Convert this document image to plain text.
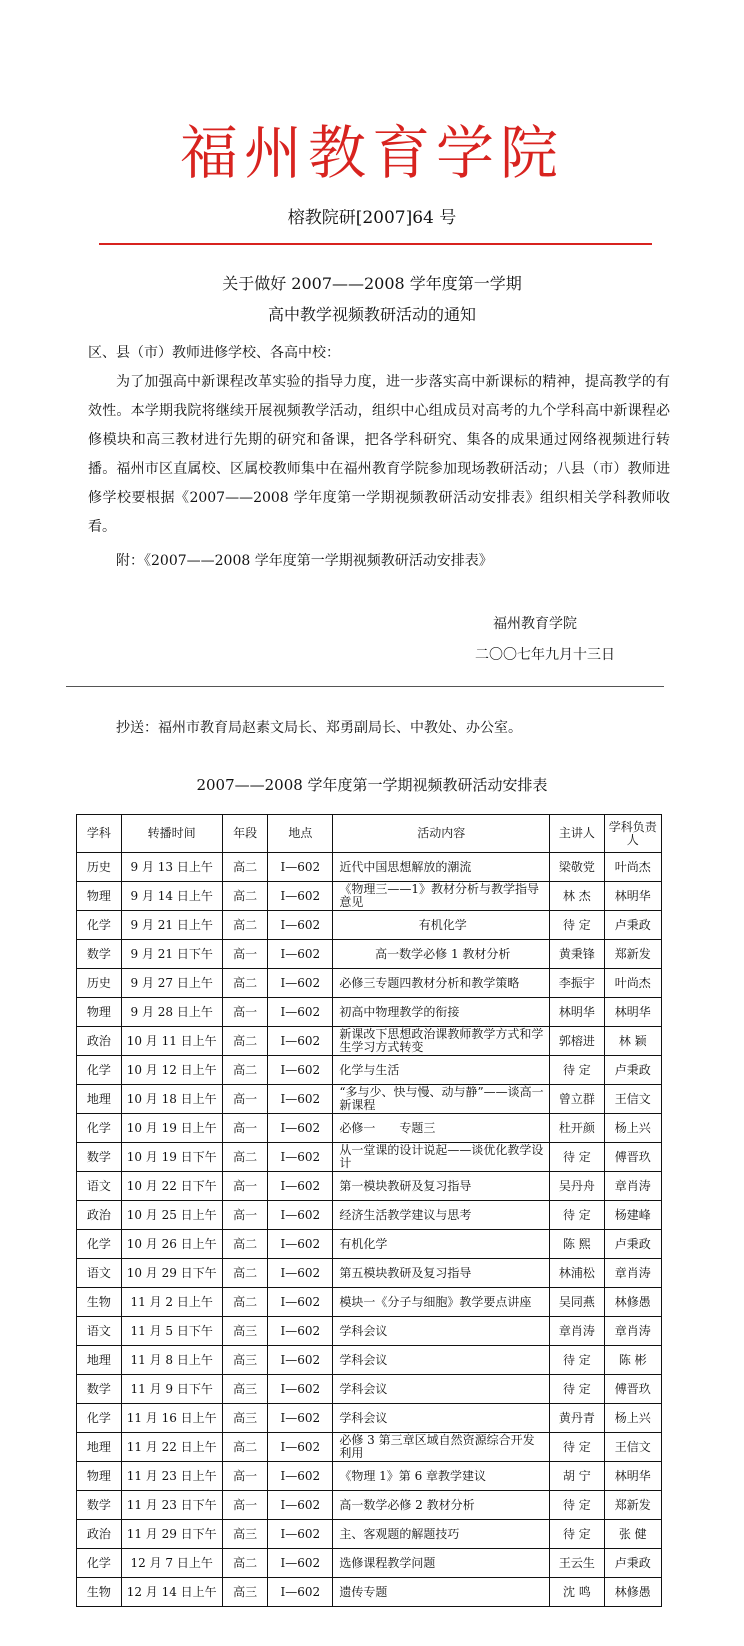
福州教育学院
榕教院研[2007]64 号
关于做好 2007——2008 学年度第一学期
高中教学视频教研活动的通知
区、县（市）教师进修学校、各高中校：
为了加强高中新课程改革实验的指导力度，进一步落实高中新课标的精神，提高教学的有效性。本学期我院将继续开展视频教学活动，组织中心组成员对高考的九个学科高中新课程必修模块和高三教材进行先期的研究和备课，把各学科研究、集各的成果通过网络视频进行转播。福州市区直属校、区属校教师集中在福州教育学院参加现场教研活动；八县（市）教师进修学校要根据《2007——2008 学年度第一学期视频教研活动安排表》组织相关学科教师收看。
附：《2007——2008 学年度第一学期视频教研活动安排表》
福州教育学院
二〇〇七年九月十三日
抄送：福州市教育局赵素文局长、郑勇副局长、中教处、办公室。
2007——2008 学年度第一学期视频教研活动安排表
学科	转播时间	年段	地点	活动内容	主讲人	学科负责人
历史	9 月 13 日上午	高二	Ⅰ—602	近代中国思想解放的潮流	梁敬党	叶尚杰
物理	9 月 14 日上午	高二	Ⅰ—602	《物理三——1》教材分析与教学指导意见	林 杰	林明华
化学	9 月 21 日上午	高二	Ⅰ—602	有机化学	待 定	卢秉政
数学	9 月 21 日下午	高一	Ⅰ—602	高一数学必修 1 教材分析	黄秉锋	郑新发
历史	9 月 27 日上午	高二	Ⅰ—602	必修三专题四教材分析和教学策略	李振宇	叶尚杰
物理	9 月 28 日上午	高一	Ⅰ—602	初高中物理教学的衔接	林明华	林明华
政治	10 月 11 日上午	高二	Ⅰ—602	新课改下思想政治课教师教学方式和学生学习方式转变	郭榕进	林 颖
化学	10 月 12 日上午	高二	Ⅰ—602	化学与生活	待 定	卢秉政
地理	10 月 18 日上午	高一	Ⅰ—602	“多与少、快与慢、动与静”——谈高一新课程	曾立群	王信文
化学	10 月 19 日上午	高一	Ⅰ—602	必修一　　专题三	杜开颜	杨上兴
数学	10 月 19 日下午	高二	Ⅰ—602	从一堂课的设计说起——谈优化教学设计	待 定	傅晋玖
语文	10 月 22 日下午	高一	Ⅰ—602	第一模块教研及复习指导	吴丹舟	章肖涛
政治	10 月 25 日上午	高一	Ⅰ—602	经济生活教学建议与思考	待 定	杨建峰
化学	10 月 26 日上午	高二	Ⅰ—602	有机化学	陈 熙	卢秉政
语文	10 月 29 日下午	高二	Ⅰ—602	第五模块教研及复习指导	林浦松	章肖涛
生物	11 月 2 日上午	高二	Ⅰ—602	模块一《分子与细胞》教学要点讲座	吴同燕	林修愚
语文	11 月 5 日下午	高三	Ⅰ—602	学科会议	章肖涛	章肖涛
地理	11 月 8 日上午	高三	Ⅰ—602	学科会议	待 定	陈 彬
数学	11 月 9 日下午	高三	Ⅰ—602	学科会议	待 定	傅晋玖
化学	11 月 16 日上午	高三	Ⅰ—602	学科会议	黄丹青	杨上兴
地理	11 月 22 日上午	高二	Ⅰ—602	必修 3 第三章区域自然资源综合开发利用	待 定	王信文
物理	11 月 23 日上午	高一	Ⅰ—602	《物理 1》第 6 章教学建议	胡 宁	林明华
数学	11 月 23 日下午	高一	Ⅰ—602	高一数学必修 2 教材分析	待 定	郑新发
政治	11 月 29 日下午	高三	Ⅰ—602	主、客观题的解题技巧	待 定	张 健
化学	12 月 7 日上午	高二	Ⅰ—602	选修课程教学问题	王云生	卢秉政
生物	12 月 14 日上午	高三	Ⅰ—602	遗传专题	沈 鸣	林修愚
